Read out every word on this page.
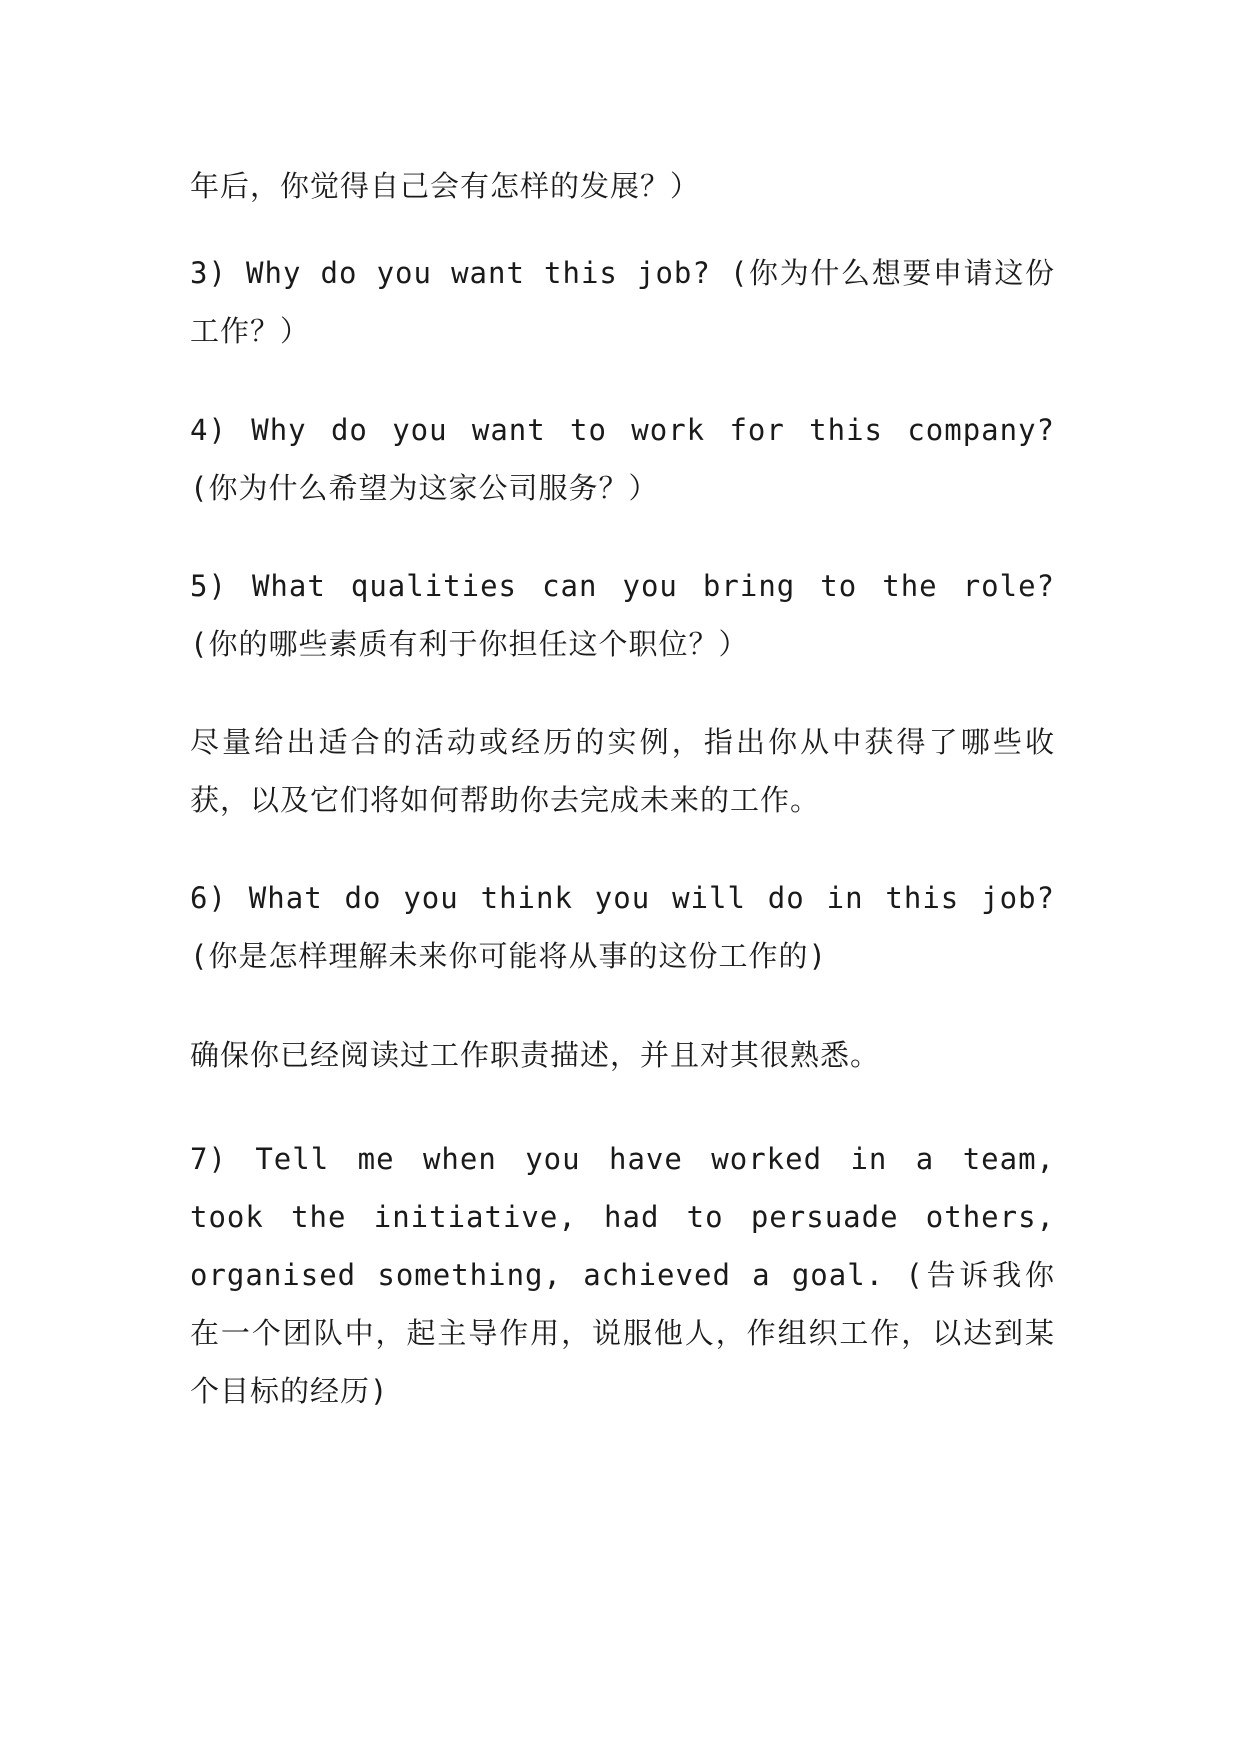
年后，你觉得自己会有怎样的发展？）
3) Why do you want this job? (你为什么想要申请这份工作？）
4) Why do you want to work for this company? (你为什么希望为这家公司服务？）
5) What qualities can you bring to the role? (你的哪些素质有利于你担任这个职位？）
尽量给出适合的活动或经历的实例，指出你从中获得了哪些收获，以及它们将如何帮助你去完成未来的工作。
6) What do you think you will do in this job? (你是怎样理解未来你可能将从事的这份工作的)
确保你已经阅读过工作职责描述，并且对其很熟悉。
7) Tell me when you have worked in a team, took the initiative, had to persuade others, organised something, achieved a goal. (告诉我你在一个团队中，起主导作用，说服他人，作组织工作，以达到某个目标的经历)
